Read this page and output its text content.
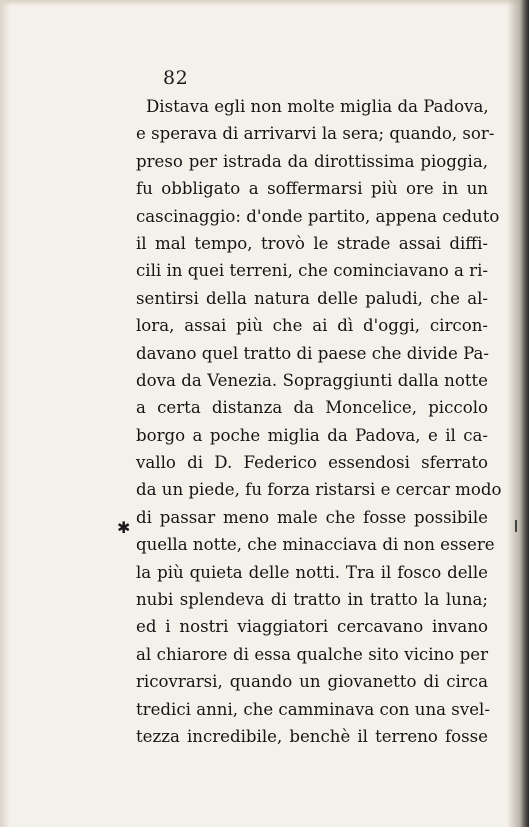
82
✱
Distava egli non molte miglia da Padova,
e sperava di arrivarvi la sera; quando, sor-
preso per istrada da dirottissima pioggia,
fu obbligato a soffermarsi più ore in un
cascinaggio: d'onde partito, appena ceduto
il mal tempo, trovò le strade assai diffi-
cili in quei terreni, che cominciavano a ri-
sentirsi della natura delle paludi, che al-
lora, assai più che ai dì d'oggi, circon-
davano quel tratto di paese che divide Pa-
dova da Venezia. Sopraggiunti dalla notte
a certa distanza da Moncelice, piccolo
borgo a poche miglia da Padova, e il ca-
vallo di D. Federico essendosi sferrato
da un piede, fu forza ristarsi e cercar modo
di passar meno male che fosse possibile
quella notte, che minacciava di non essere
la più quieta delle notti. Tra il fosco delle
nubi splendeva di tratto in tratto la luna;
ed i nostri viaggiatori cercavano invano
al chiarore di essa qualche sito vicino per
ricovrarsi, quando un giovanetto di circa
tredici anni, che camminava con una svel-
tezza incredibile, benchè il terreno fosse
